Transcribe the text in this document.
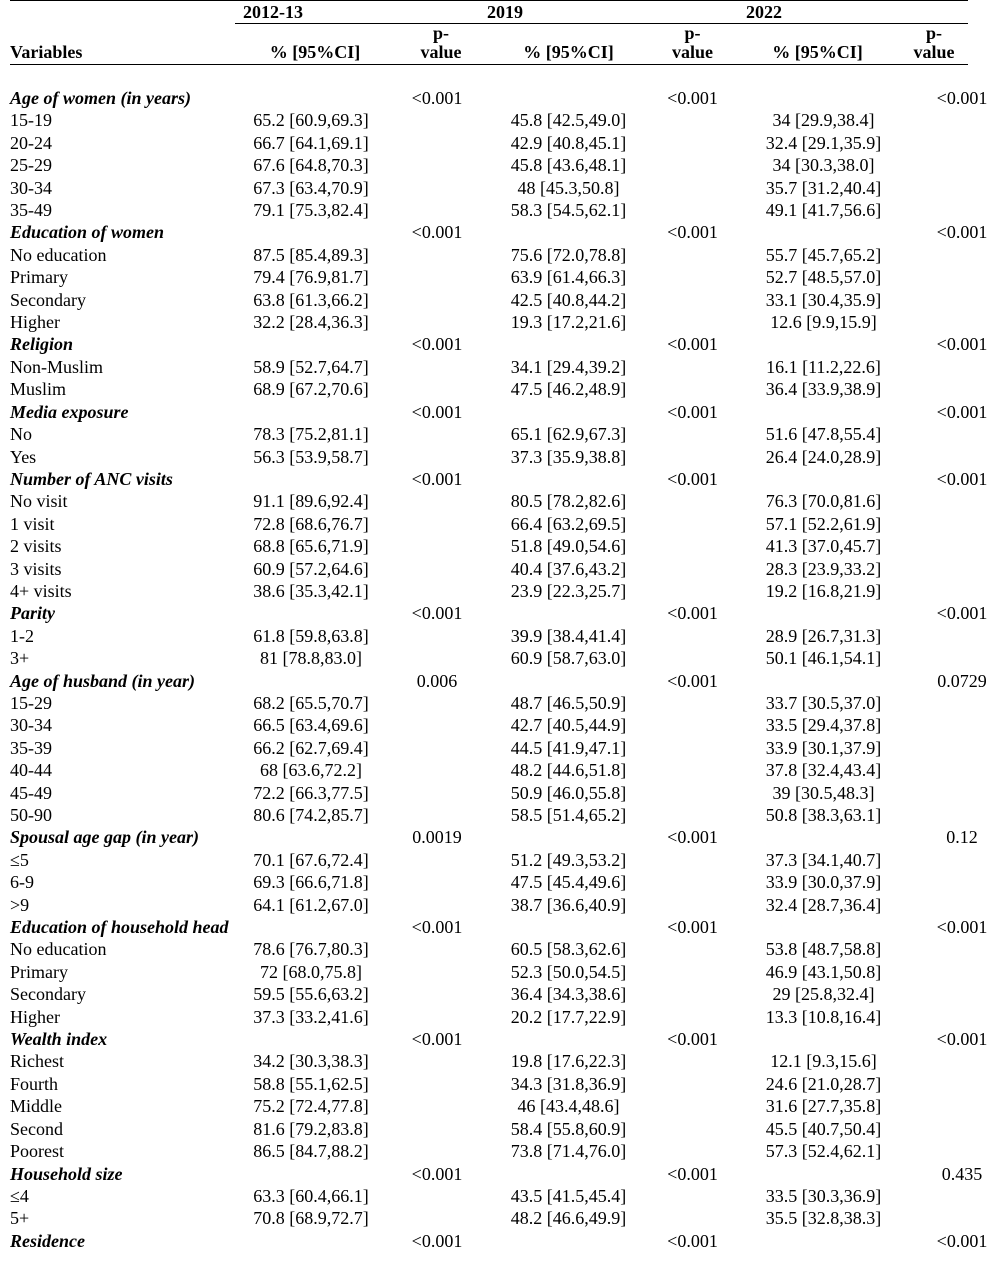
	2012-13		2019		2022	
Variables	% [95%CI]	p-
value	% [95%CI]	p-
value	% [95%CI]	p-
value

Age of women (in years)		<0.001		<0.001		<0.001
15-19	65.2 [60.9,69.3]		45.8 [42.5,49.0]		34 [29.9,38.4]	
20-24	66.7 [64.1,69.1]		42.9 [40.8,45.1]		32.4 [29.1,35.9]	
25-29	67.6 [64.8,70.3]		45.8 [43.6,48.1]		34 [30.3,38.0]	
30-34	67.3 [63.4,70.9]		48 [45.3,50.8]		35.7 [31.2,40.4]	
35-49	79.1 [75.3,82.4]		58.3 [54.5,62.1]		49.1 [41.7,56.6]	
Education of women		<0.001		<0.001		<0.001
No education	87.5 [85.4,89.3]		75.6 [72.0,78.8]		55.7 [45.7,65.2]	
Primary	79.4 [76.9,81.7]		63.9 [61.4,66.3]		52.7 [48.5,57.0]	
Secondary	63.8 [61.3,66.2]		42.5 [40.8,44.2]		33.1 [30.4,35.9]	
Higher	32.2 [28.4,36.3]		19.3 [17.2,21.6]		12.6 [9.9,15.9]	
Religion		<0.001		<0.001		<0.001
Non-Muslim	58.9 [52.7,64.7]		34.1 [29.4,39.2]		16.1 [11.2,22.6]	
Muslim	68.9 [67.2,70.6]		47.5 [46.2,48.9]		36.4 [33.9,38.9]	
Media exposure		<0.001		<0.001		<0.001
No	78.3 [75.2,81.1]		65.1 [62.9,67.3]		51.6 [47.8,55.4]	
Yes	56.3 [53.9,58.7]		37.3 [35.9,38.8]		26.4 [24.0,28.9]	
Number of ANC visits		<0.001		<0.001		<0.001
No visit	91.1 [89.6,92.4]		80.5 [78.2,82.6]		76.3 [70.0,81.6]	
1 visit	72.8 [68.6,76.7]		66.4 [63.2,69.5]		57.1 [52.2,61.9]	
2 visits	68.8 [65.6,71.9]		51.8 [49.0,54.6]		41.3 [37.0,45.7]	
3 visits	60.9 [57.2,64.6]		40.4 [37.6,43.2]		28.3 [23.9,33.2]	
4+ visits	38.6 [35.3,42.1]		23.9 [22.3,25.7]		19.2 [16.8,21.9]	
Parity		<0.001		<0.001		<0.001
1-2	61.8 [59.8,63.8]		39.9 [38.4,41.4]		28.9 [26.7,31.3]	
3+	81 [78.8,83.0]		60.9 [58.7,63.0]		50.1 [46.1,54.1]	
Age of husband (in year)		0.006		<0.001		0.0729
15-29	68.2 [65.5,70.7]		48.7 [46.5,50.9]		33.7 [30.5,37.0]	
30-34	66.5 [63.4,69.6]		42.7 [40.5,44.9]		33.5 [29.4,37.8]	
35-39	66.2 [62.7,69.4]		44.5 [41.9,47.1]		33.9 [30.1,37.9]	
40-44	68 [63.6,72.2]		48.2 [44.6,51.8]		37.8 [32.4,43.4]	
45-49	72.2 [66.3,77.5]		50.9 [46.0,55.8]		39 [30.5,48.3]	
50-90	80.6 [74.2,85.7]		58.5 [51.4,65.2]		50.8 [38.3,63.1]	
Spousal age gap (in year)		0.0019		<0.001		0.12
≤5	70.1 [67.6,72.4]		51.2 [49.3,53.2]		37.3 [34.1,40.7]	
6-9	69.3 [66.6,71.8]		47.5 [45.4,49.6]		33.9 [30.0,37.9]	
>9	64.1 [61.2,67.0]		38.7 [36.6,40.9]		32.4 [28.7,36.4]	
Education of household head		<0.001		<0.001		<0.001
No education	78.6 [76.7,80.3]		60.5 [58.3,62.6]		53.8 [48.7,58.8]	
Primary	72 [68.0,75.8]		52.3 [50.0,54.5]		46.9 [43.1,50.8]	
Secondary	59.5 [55.6,63.2]		36.4 [34.3,38.6]		29 [25.8,32.4]	
Higher	37.3 [33.2,41.6]		20.2 [17.7,22.9]		13.3 [10.8,16.4]	
Wealth index		<0.001		<0.001		<0.001
Richest	34.2 [30.3,38.3]		19.8 [17.6,22.3]		12.1 [9.3,15.6]	
Fourth	58.8 [55.1,62.5]		34.3 [31.8,36.9]		24.6 [21.0,28.7]	
Middle	75.2 [72.4,77.8]		46 [43.4,48.6]		31.6 [27.7,35.8]	
Second	81.6 [79.2,83.8]		58.4 [55.8,60.9]		45.5 [40.7,50.4]	
Poorest	86.5 [84.7,88.2]		73.8 [71.4,76.0]		57.3 [52.4,62.1]	
Household size		<0.001		<0.001		0.435
≤4	63.3 [60.4,66.1]		43.5 [41.5,45.4]		33.5 [30.3,36.9]	
5+	70.8 [68.9,72.7]		48.2 [46.6,49.9]		35.5 [32.8,38.3]	
Residence		<0.001		<0.001		<0.001
